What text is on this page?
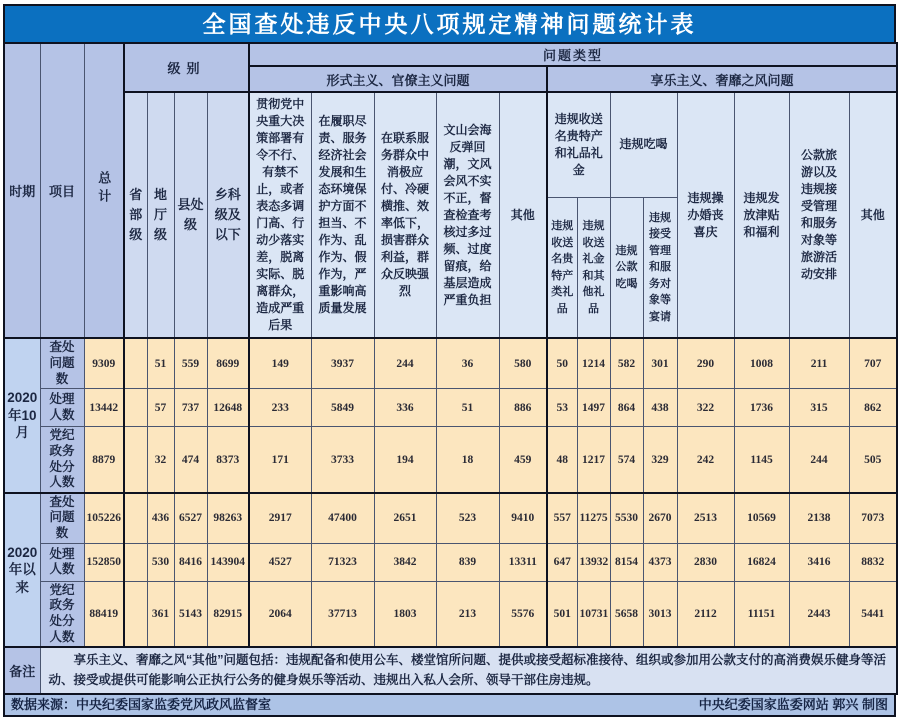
全国查处违反中央八项规定精神问题统计表
时期	项目	总计	级别				问题类型												
							形式主义、官僚主义问题					享乐主义、奢靡之风问题							
			省部级	地厅级	县处级	乡科级及以下	贯彻党中央重大决策部署有令不行、有禁不止，或者表态多调门高、行动少落实差，脱离实际、脱离群众，造成严重后果	在履职尽责、服务经济社会发展和生态环境保护方面不担当、不作为、乱作为、假作为，严重影响高质量发展	在联系服务群众中消极应付、冷硬横推、效率低下，损害群众利益，群众反映强烈	文山会海反弹回潮，文风会风不实不正，督查检查考核过多过频、过度留痕，给基层造成严重负担	其他	违规收送名贵特产和礼品礼金		违规吃喝		违规操办婚丧喜庆	违规发放津贴和福利	公款旅游以及违规接受管理和服务对象等旅游活动安排	其他
												违规收送名贵特产类礼品	违规收送礼金和其他礼品	违规公款吃喝	违规接受管理和服务对象等宴请				
2020年10月	查处问题数	9309		51	559	8699	149	3937	244	36	580	50	1214	582	301	290	1008	211	707
	处理人数	13442		57	737	12648	233	5849	336	51	886	53	1497	864	438	322	1736	315	862
	党纪政务处分人数	8879		32	474	8373	171	3733	194	18	459	48	1217	574	329	242	1145	244	505
2020年以来	查处问题数	105226		436	6527	98263	2917	47400	2651	523	9410	557	11275	5530	2670	2513	10569	2138	7073
	处理人数	152850		530	8416	143904	4527	71323	3842	839	13311	647	13932	8154	4373	2830	16824	3416	8832
	党纪政务处分人数	88419		361	5143	82915	2064	37713	1803	213	5576	501	10731	5658	3013	2112	11151	2443	5441
备注	享乐主义、奢靡之风“其他”问题包括：违规配备和使用公车、楼堂馆所问题、提供或接受超标准接待、组织或参加用公款支付的高消费娱乐健身等活动、接受或提供可能影响公正执行公务的健身娱乐等活动、违规出入私人会所、领导干部住房违规。																		
数据来源：中央纪委国家监委党风政风监督室	中央纪委国家监委网站 郭兴 制图
